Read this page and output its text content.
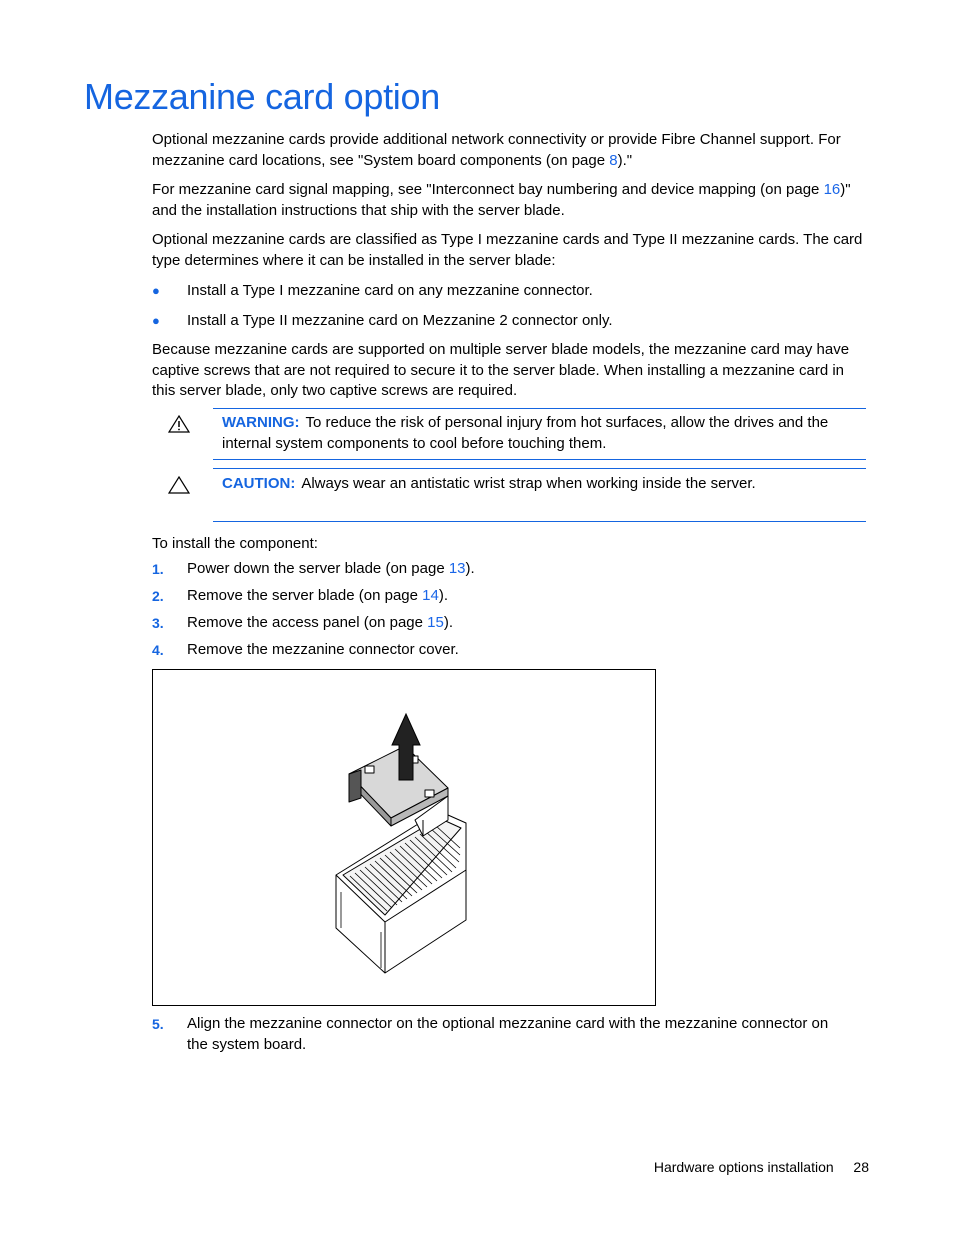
Mezzanine card option

Optional mezzanine cards provide additional network connectivity or provide Fibre Channel support. For mezzanine card locations, see "System board components (on page 8)."

For mezzanine card signal mapping, see "Interconnect bay numbering and device mapping (on page 16)" and the installation instructions that ship with the server blade.

Optional mezzanine cards are classified as Type I mezzanine cards and Type II mezzanine cards. The card type determines where it can be installed in the server blade:

● Install a Type I mezzanine card on any mezzanine connector.
● Install a Type II mezzanine card on Mezzanine 2 connector only.

Because mezzanine cards are supported on multiple server blade models, the mezzanine card may have captive screws that are not required to secure it to the server blade. When installing a mezzanine card in this server blade, only two captive screws are required.

WARNING: To reduce the risk of personal injury from hot surfaces, allow the drives and the internal system components to cool before touching them.
CAUTION: Always wear an antistatic wrist strap when working inside the server.

To install the component:

1. Power down the server blade (on page 13).
2. Remove the server blade (on page 14).
3. Remove the access panel (on page 15).
4. Remove the mezzanine connector cover.
5. Align the mezzanine connector on the optional mezzanine card with the mezzanine connector on the system board.
Hardware options installation 28
